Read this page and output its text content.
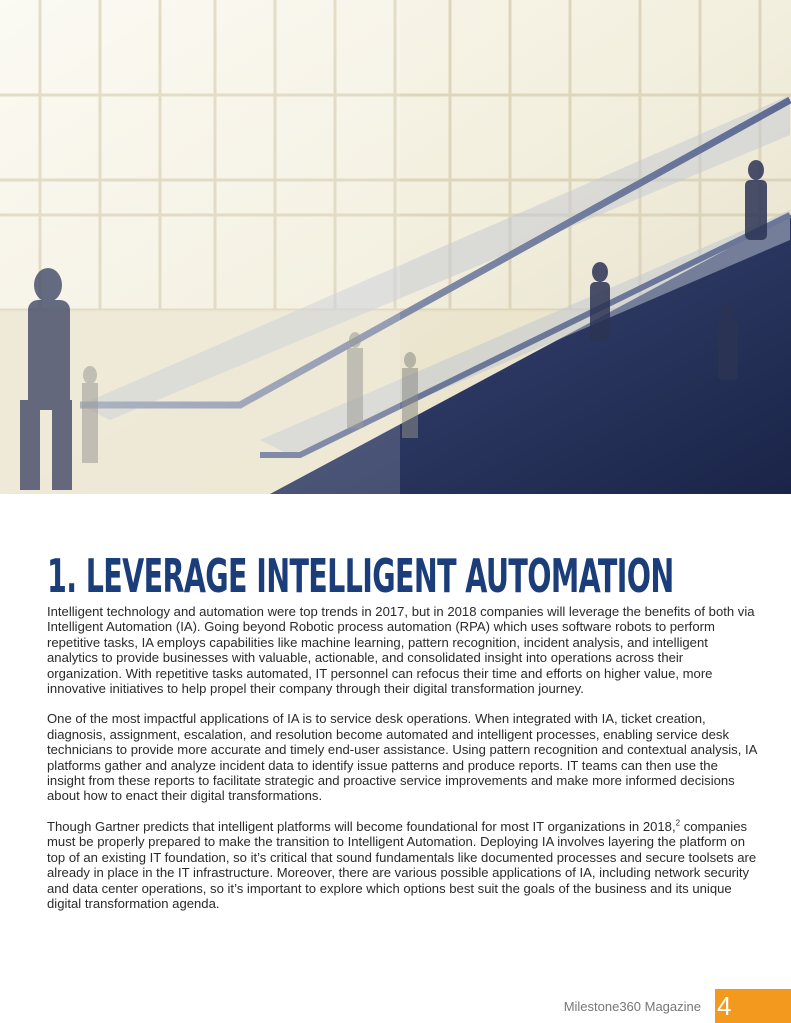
1. LEVERAGE INTELLIGENT AUTOMATION

Intelligent technology and automation were top trends in 2017, but in 2018 companies will leverage the benefits of both via Intelligent Automation (IA). Going beyond Robotic process automation (RPA) which uses software robots to perform repetitive tasks, IA employs capabilities like machine learning, pattern recognition, incident analysis, and intelligent analytics to provide businesses with valuable, actionable, and consolidated insight into operations across their organization. With repetitive tasks automated, IT personnel can refocus their time and efforts on higher value, more innovative initiatives to help propel their company through their digital transformation journey.

One of the most impactful applications of IA is to service desk operations. When integrated with IA, ticket creation, diagnosis, assignment, escalation, and resolution become automated and intelligent processes, enabling service desk technicians to provide more accurate and timely end-user assistance. Using pattern recognition and contextual analysis, IA platforms gather and analyze incident data to identify issue patterns and produce reports. IT teams can then use the insight from these reports to facilitate strategic and proactive service improvements and make more informed decisions about how to enact their digital transformations.

Though Gartner predicts that intelligent platforms will become foundational for most IT organizations in 2018,$^2$ companies must be properly prepared to make the transition to Intelligent Automation. Deploying IA involves layering the platform on top of an existing IT foundation, so it’s critical that sound fundamentals like documented processes and secure toolsets are already in place in the IT infrastructure. Moreover, there are various possible applications of IA, including network security and data center operations, so it’s important to explore which options best suit the goals of the business and its unique digital transformation agenda.

Milestone360 Magazine 4
